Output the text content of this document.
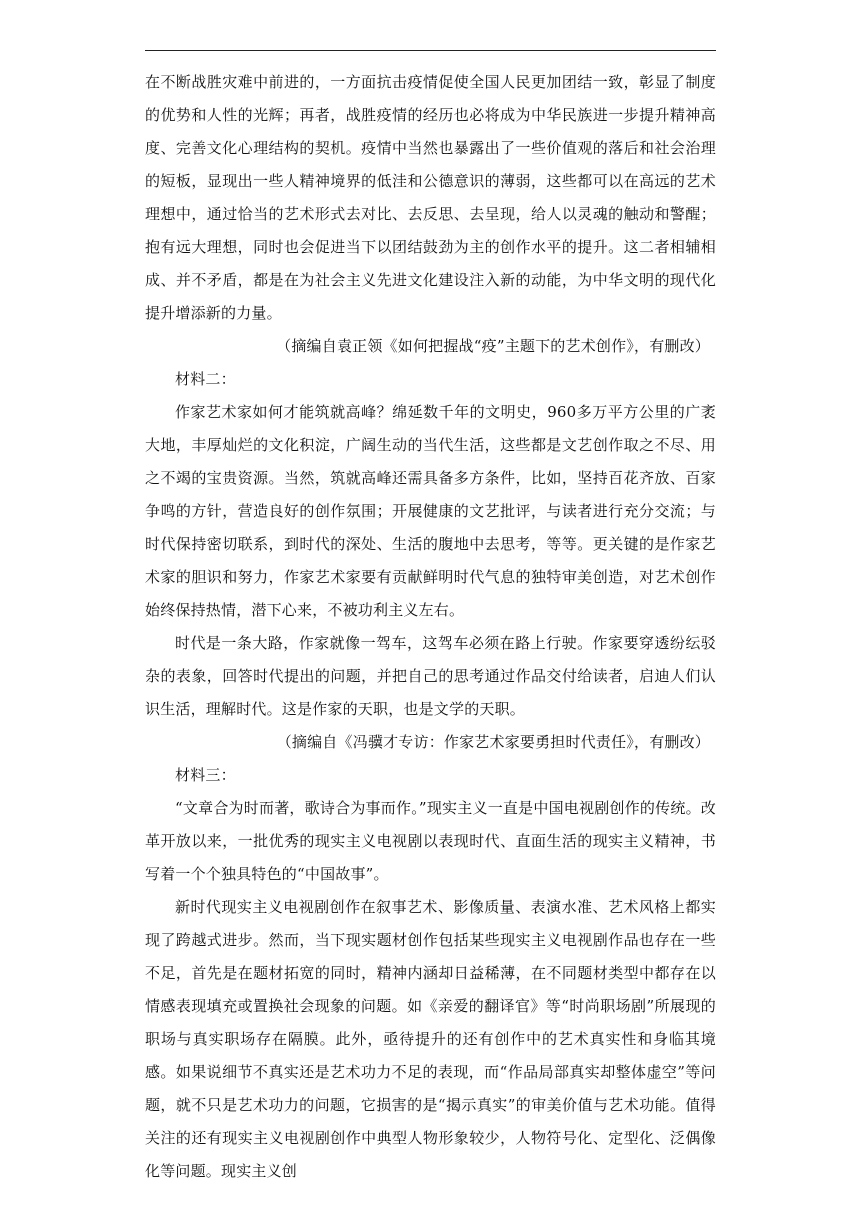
在不断战胜灾难中前进的，一方面抗击疫情促使全国人民更加团结一致，彰显了制度的优势和人性的光辉；再者，战胜疫情的经历也必将成为中华民族进一步提升精神高度、完善文化心理结构的契机。疫情中当然也暴露出了一些价值观的落后和社会治理的短板，显现出一些人精神境界的低洼和公德意识的薄弱，这些都可以在高远的艺术理想中，通过恰当的艺术形式去对比、去反思、去呈现，给人以灵魂的触动和警醒；抱有远大理想，同时也会促进当下以团结鼓劲为主的创作水平的提升。这二者相辅相成、并不矛盾，都是在为社会主义先进文化建设注入新的动能，为中华文明的现代化提升增添新的力量。

（摘编自袁正领《如何把握战“疫”主题下的艺术创作》，有删改）

材料二：

作家艺术家如何才能筑就高峰？绵延数千年的文明史，960多万平方公里的广袤大地，丰厚灿烂的文化积淀，广阔生动的当代生活，这些都是文艺创作取之不尽、用之不竭的宝贵资源。当然，筑就高峰还需具备多方条件，比如，坚持百花齐放、百家争鸣的方针，营造良好的创作氛围；开展健康的文艺批评，与读者进行充分交流；与时代保持密切联系，到时代的深处、生活的腹地中去思考，等等。更关键的是作家艺术家的胆识和努力，作家艺术家要有贡献鲜明时代气息的独特审美创造，对艺术创作始终保持热情，潜下心来，不被功利主义左右。

时代是一条大路，作家就像一驾车，这驾车必须在路上行驶。作家要穿透纷纭驳杂的表象，回答时代提出的问题，并把自己的思考通过作品交付给读者，启迪人们认识生活，理解时代。这是作家的天职，也是文学的天职。

（摘编自《冯骥才专访：作家艺术家要勇担时代责任》，有删改）

材料三：

“文章合为时而著，歌诗合为事而作。”现实主义一直是中国电视剧创作的传统。改革开放以来，一批优秀的现实主义电视剧以表现时代、直面生活的现实主义精神，书写着一个个独具特色的“中国故事”。

新时代现实主义电视剧创作在叙事艺术、影像质量、表演水准、艺术风格上都实现了跨越式进步。然而，当下现实题材创作包括某些现实主义电视剧作品也存在一些不足，首先是在题材拓宽的同时，精神内涵却日益稀薄，在不同题材类型中都存在以情感表现填充或置换社会现象的问题。如《亲爱的翻译官》等“时尚职场剧”所展现的职场与真实职场存在隔膜。此外，亟待提升的还有创作中的艺术真实性和身临其境感。如果说细节不真实还是艺术功力不足的表现，而“作品局部真实却整体虚空”等问题，就不只是艺术功力的问题，它损害的是“揭示真实”的审美价值与艺术功能。值得关注的还有现实主义电视剧创作中典型人物形象较少，人物符号化、定型化、泛偶像化等问题。现实主义创
